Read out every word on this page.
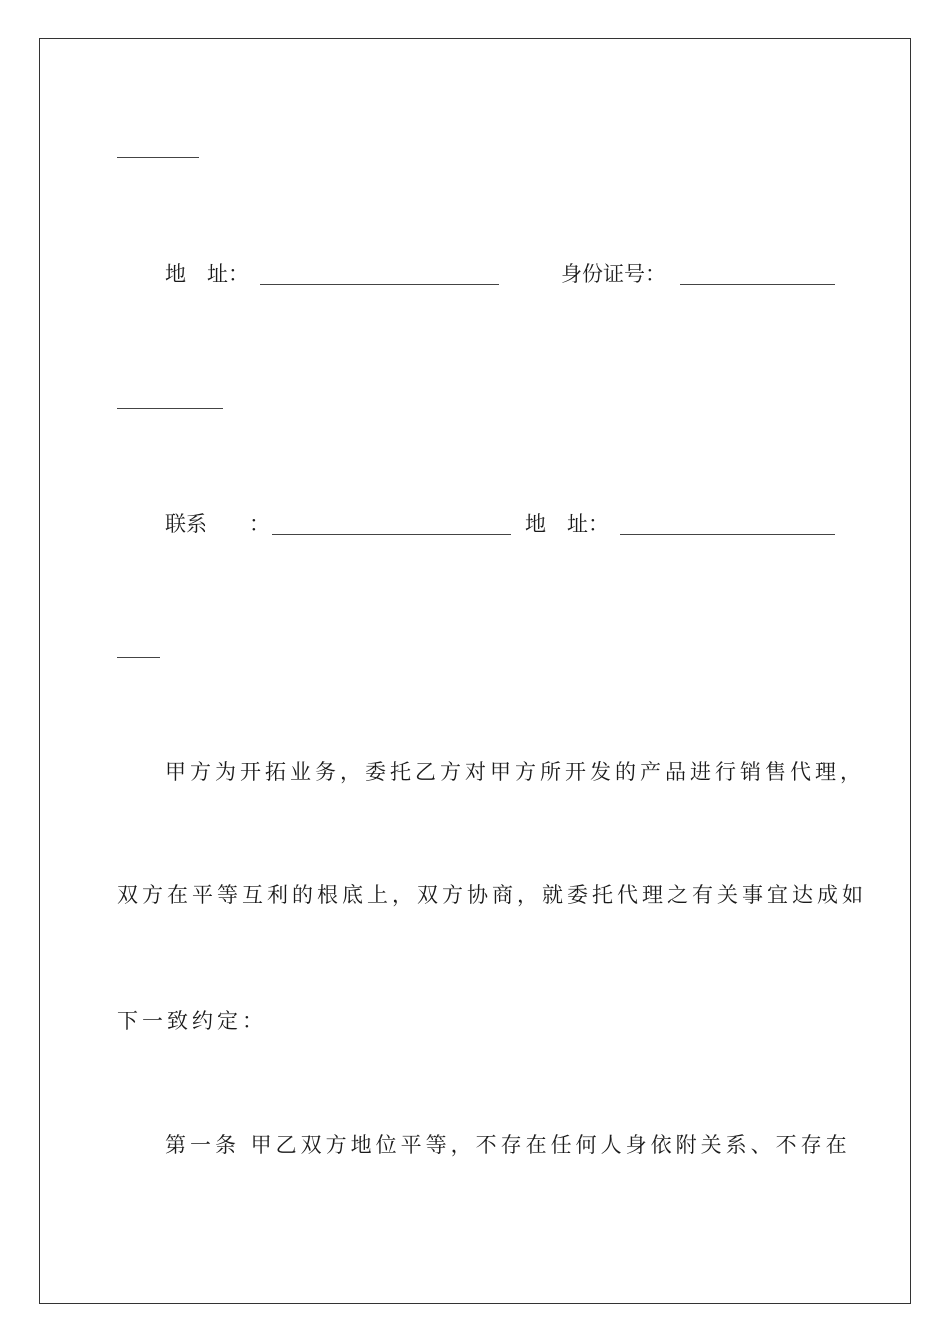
地　址：	身份证号：
联系　　：	地　址：
甲方为开拓业务，委托乙方对甲方所开发的产品进行销售代理，
双方在平等互利的根底上，双方协商，就委托代理之有关事宜达成如
下一致约定：
第一条 甲乙双方地位平等，不存在任何人身依附关系、不存在
